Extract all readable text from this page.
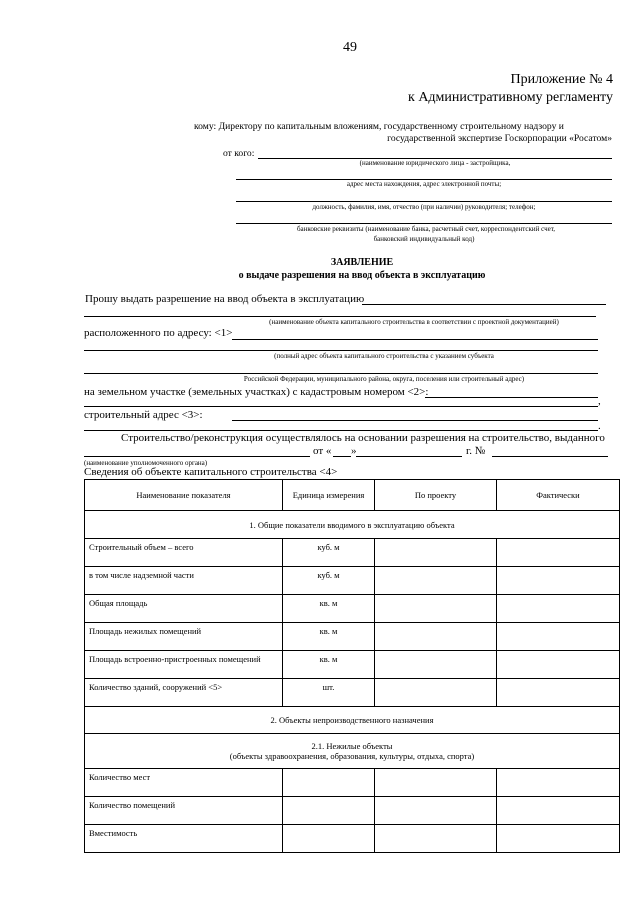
49
Приложение № 4
к Административному регламенту
кому: Директору по капитальным вложениям, государственному строительному надзору и
государственной экспертизе Госкорпорации «Росатом»
от кого:
(наименование юридического лица - застройщика,
адрес места нахождения, адрес электронной почты;
должность, фамилия, имя, отчество (при наличии) руководителя; телефон;
банковские реквизиты (наименование банка, расчетный счет, корреспондентский счет,
банковский индивидуальный код)
ЗАЯВЛЕНИЕ
о выдаче разрешения на ввод объекта в эксплуатацию
Прошу выдать разрешение на ввод объекта в эксплуатацию
(наименование объекта капитального строительства в соответствии с проектной документацией)
расположенного по адресу: <1>
(полный адрес объекта капитального строительства с указанием субъекта
Российской Федерации, муниципального района, округа, поселения или строительный адрес)
на земельном участке (земельных участках) с кадастровым номером <2>:
,
строительный адрес <3>:
.
Строительство/реконструкция осуществлялось на основании разрешения на строительство, выданного
от « »	г. №
(наименование уполномоченного органа)
Сведения об объекте капитального строительства <4>
Наименование показателя	Единица измерения	По проекту	Фактически
1. Общие показатели вводимого в эксплуатацию объекта			
Строительный объем – всего	куб. м		
в том числе надземной части	куб. м		
Общая площадь	кв. м		
Площадь нежилых помещений	кв. м		
Площадь встроенно-пристроенных помещений	кв. м		
Количество зданий, сооружений <5>	шт.		
2. Объекты непроизводственного назначения			

2.1. Нежилые объекты
(объекты здравоохранения, образования, культуры, отдыха, спорта)			

Количество мест			
Количество помещений			
Вместимость			
